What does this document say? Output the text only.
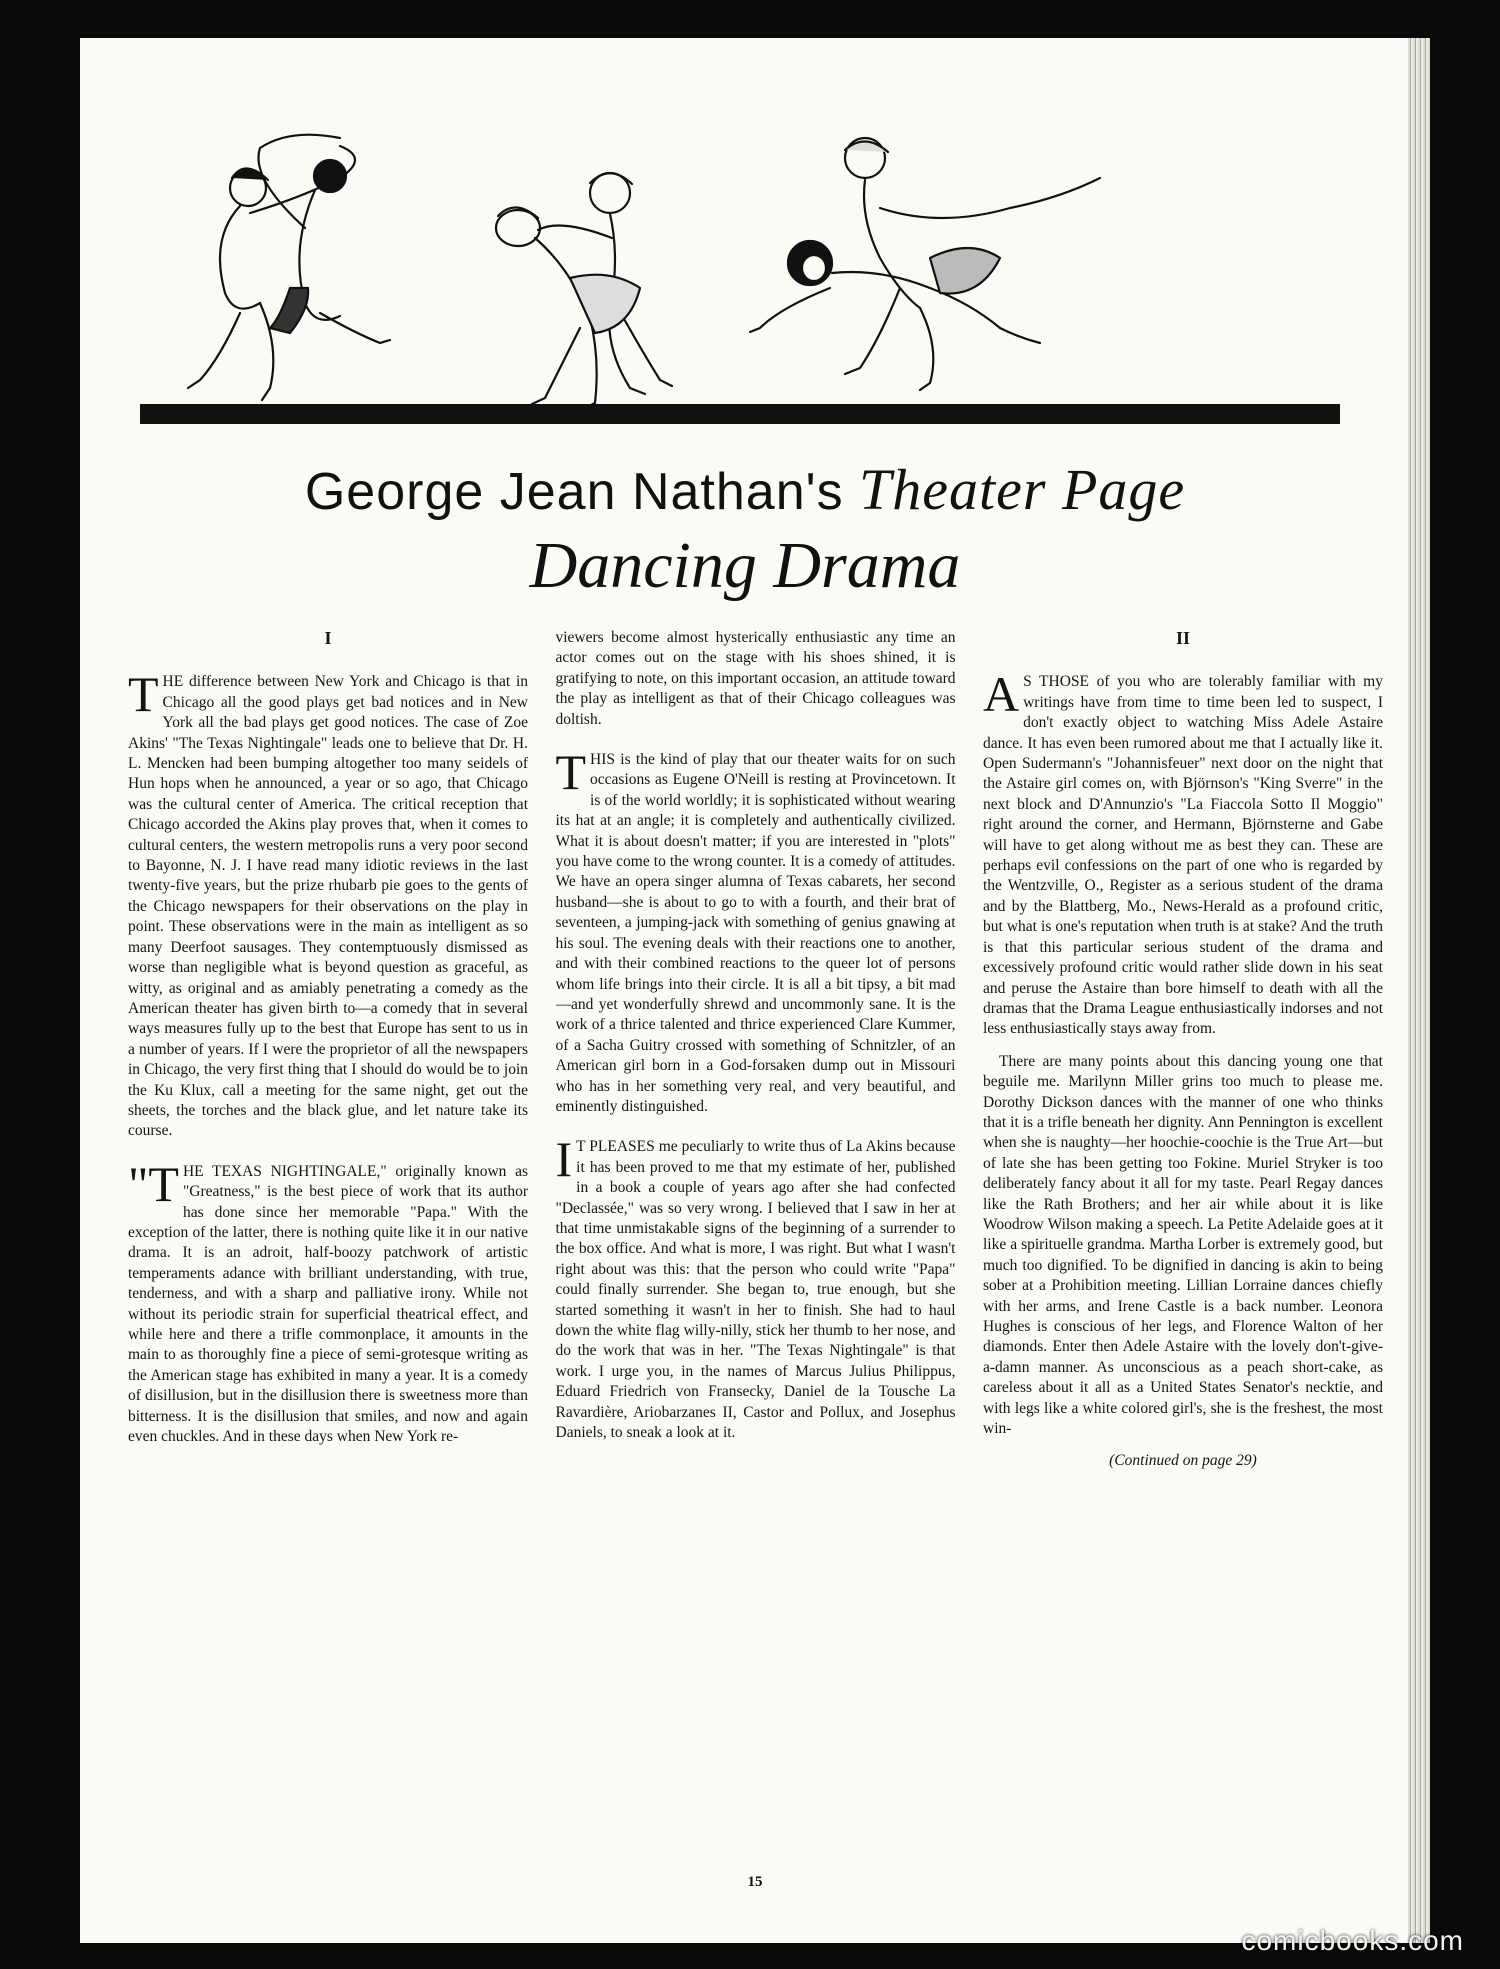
George Jean Nathan's Theater Page
Dancing Drama
I

THE difference between New York and Chicago is that in Chicago all the good plays get bad notices and in New York all the bad plays get good notices. The case of Zoe Akins' "The Texas Nightingale" leads one to believe that Dr. H. L. Mencken had been bumping altogether too many seidels of Hun hops when he announced, a year or so ago, that Chicago was the cultural center of America. The critical reception that Chicago accorded the Akins play proves that, when it comes to cultural centers, the western metropolis runs a very poor second to Bayonne, N. J. I have read many idiotic reviews in the last twenty-five years, but the prize rhubarb pie goes to the gents of the Chicago newspapers for their observations on the play in point. These observations were in the main as intelligent as so many Deerfoot sausages. They contemptuously dismissed as worse than negligible what is beyond question as graceful, as witty, as original and as amiably penetrating a comedy as the American theater has given birth to—a comedy that in several ways measures fully up to the best that Europe has sent to us in a number of years. If I were the proprietor of all the newspapers in Chicago, the very first thing that I should do would be to join the Ku Klux, call a meeting for the same night, get out the sheets, the torches and the black glue, and let nature take its course.

"THE TEXAS NIGHTINGALE," originally known as "Greatness," is the best piece of work that its author has done since her memorable "Papa." With the exception of the latter, there is nothing quite like it in our native drama. It is an adroit, half-boozy patchwork of artistic temperaments adance with brilliant understanding, with true, tenderness, and with a sharp and palliative irony. While not without its periodic strain for superficial theatrical effect, and while here and there a trifle commonplace, it amounts in the main to as thoroughly fine a piece of semi-grotesque writing as the American stage has exhibited in many a year. It is a comedy of disillusion, but in the disillusion there is sweetness more than bitterness. It is the disillusion that smiles, and now and again even chuckles. And in these days when New York re-

viewers become almost hysterically enthusiastic any time an actor comes out on the stage with his shoes shined, it is gratifying to note, on this important occasion, an attitude toward the play as intelligent as that of their Chicago colleagues was doltish.

THIS is the kind of play that our theater waits for on such occasions as Eugene O'Neill is resting at Provincetown. It is of the world worldly; it is sophisticated without wearing its hat at an angle; it is completely and authentically civilized. What it is about doesn't matter; if you are interested in "plots" you have come to the wrong counter. It is a comedy of attitudes. We have an opera singer alumna of Texas cabarets, her second husband—she is about to go to with a fourth, and their brat of seventeen, a jumping-jack with something of genius gnawing at his soul. The evening deals with their reactions one to another, and with their combined reactions to the queer lot of persons whom life brings into their circle. It is all a bit tipsy, a bit mad—and yet wonderfully shrewd and uncommonly sane. It is the work of a thrice talented and thrice experienced Clare Kummer, of a Sacha Guitry crossed with something of Schnitzler, of an American girl born in a God-forsaken dump out in Missouri who has in her something very real, and very beautiful, and eminently distinguished.

IT PLEASES me peculiarly to write thus of La Akins because it has been proved to me that my estimate of her, published in a book a couple of years ago after she had confected "Declassée," was so very wrong. I believed that I saw in her at that time unmistakable signs of the beginning of a surrender to the box office. And what is more, I was right. But what I wasn't right about was this: that the person who could write "Papa" could finally surrender. She began to, true enough, but she started something it wasn't in her to finish. She had to haul down the white flag willy-nilly, stick her thumb to her nose, and do the work that was in her. "The Texas Nightingale" is that work. I urge you, in the names of Marcus Julius Philippus, Eduard Friedrich von Fransecky, Daniel de la Tousche La Ravardière, Ariobarzanes II, Castor and Pollux, and Josephus Daniels, to sneak a look at it.

II

AS THOSE of you who are tolerably familiar with my writings have from time to time been led to suspect, I don't exactly object to watching Miss Adele Astaire dance. It has even been rumored about me that I actually like it. Open Sudermann's "Johannisfeuer" next door on the night that the Astaire girl comes on, with Björnson's "King Sverre" in the next block and D'Annunzio's "La Fiaccola Sotto Il Moggio" right around the corner, and Hermann, Björnsterne and Gabe will have to get along without me as best they can. These are perhaps evil confessions on the part of one who is regarded by the Wentzville, O., Register as a serious student of the drama and by the Blattberg, Mo., News-Herald as a profound critic, but what is one's reputation when truth is at stake? And the truth is that this particular serious student of the drama and excessively profound critic would rather slide down in his seat and peruse the Astaire than bore himself to death with all the dramas that the Drama League enthusiastically indorses and not less enthusiastically stays away from.

There are many points about this dancing young one that beguile me. Marilynn Miller grins too much to please me. Dorothy Dickson dances with the manner of one who thinks that it is a trifle beneath her dignity. Ann Pennington is excellent when she is naughty—her hoochie-coochie is the True Art—but of late she has been getting too Fokine. Muriel Stryker is too deliberately fancy about it all for my taste. Pearl Regay dances like the Rath Brothers; and her air while about it is like Woodrow Wilson making a speech. La Petite Adelaide goes at it like a spirituelle grandma. Martha Lorber is extremely good, but much too dignified. To be dignified in dancing is akin to being sober at a Prohibition meeting. Lillian Lorraine dances chiefly with her arms, and Irene Castle is a back number. Leonora Hughes is conscious of her legs, and Florence Walton of her diamonds. Enter then Adele Astaire with the lovely don't-give-a-damn manner. As unconscious as a peach short-cake, as careless about it all as a United States Senator's necktie, and with legs like a white colored girl's, she is the freshest, the most win-

(Continued on page 29)
15
comicbooks.com
